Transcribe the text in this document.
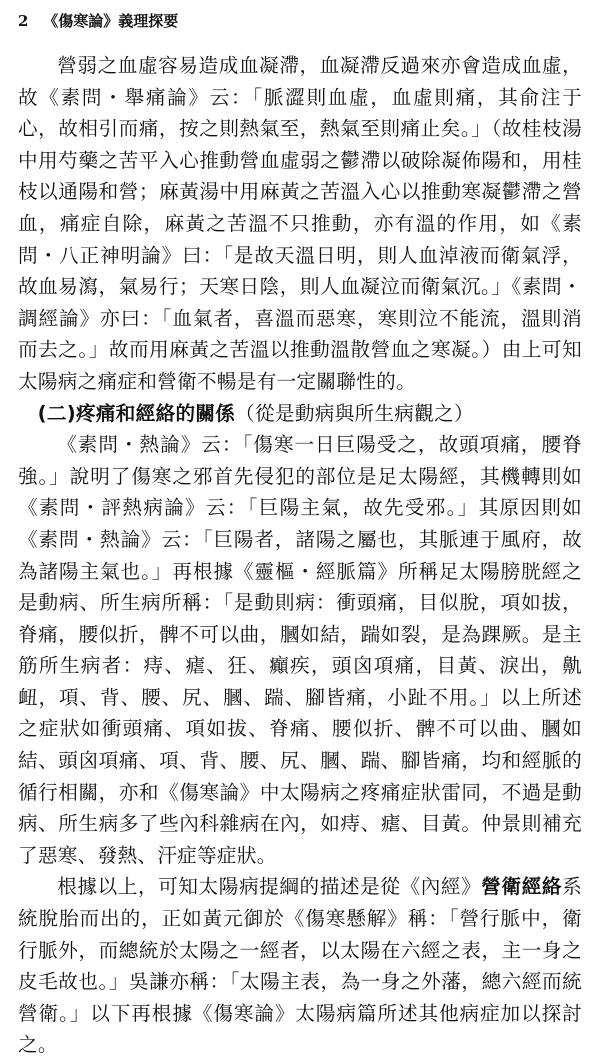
2 《傷寒論》義理探要

營弱之血虛容易造成血凝滯，血凝滯反過來亦會造成血虛，故《素問・舉痛論》云：「脈澀則血虛，血虛則痛，其俞注于心，故相引而痛，按之則熱氣至，熱氣至則痛止矣。」（故桂枝湯中用芍藥之苦平入心推動營血虛弱之鬱滯以破除凝佈陽和，用桂枝以通陽和營；麻黃湯中用麻黃之苦溫入心以推動寒凝鬱滯之營血，痛症自除，麻黃之苦溫不只推動，亦有溫的作用，如《素問・八正神明論》曰：「是故天溫日明，則人血淖液而衛氣浮，故血易瀉，氣易行；天寒日陰，則人血凝泣而衛氣沉。」《素問・調經論》亦曰：「血氣者，喜溫而惡寒，寒則泣不能流，溫則消而去之。」故而用麻黃之苦溫以推動溫散營血之寒凝。）由上可知太陽病之痛症和營衛不暢是有一定關聯性的。

(二)疼痛和經絡的關係（從是動病與所生病觀之）

《素問・熱論》云：「傷寒一日巨陽受之，故頭項痛，腰脊強。」說明了傷寒之邪首先侵犯的部位是足太陽經，其機轉則如《素問・評熱病論》云：「巨陽主氣，故先受邪。」其原因則如《素問・熱論》云：「巨陽者，諸陽之屬也，其脈連于風府，故為諸陽主氣也。」再根據《靈樞・經脈篇》所稱足太陽膀胱經之是動病、所生病所稱：「是動則病：衝頭痛，目似脫，項如拔，脊痛，腰似折，髀不可以曲，膕如結，踹如裂，是為踝厥。是主筋所生病者：痔、瘧、狂、癲疾，頭囟項痛，目黃、淚出，鼽衄，項、背、腰、尻、膕、踹、腳皆痛，小趾不用。」以上所述之症狀如衝頭痛、項如拔、脊痛、腰似折、髀不可以曲、膕如結、頭囟項痛、項、背、腰、尻、膕、踹、腳皆痛，均和經脈的循行相關，亦和《傷寒論》中太陽病之疼痛症狀雷同，不過是動病、所生病多了些內科雜病在內，如痔、瘧、目黃。仲景則補充了惡寒、發熱、汗症等症狀。

根據以上，可知太陽病提綱的描述是從《內經》營衛經絡系統脫胎而出的，正如黃元御於《傷寒懸解》稱：「營行脈中，衛行脈外，而總統於太陽之一經者，以太陽在六經之表，主一身之皮毛故也。」吳謙亦稱：「太陽主表，為一身之外藩，總六經而統營衛。」以下再根據《傷寒論》太陽病篇所述其他病症加以探討之。
